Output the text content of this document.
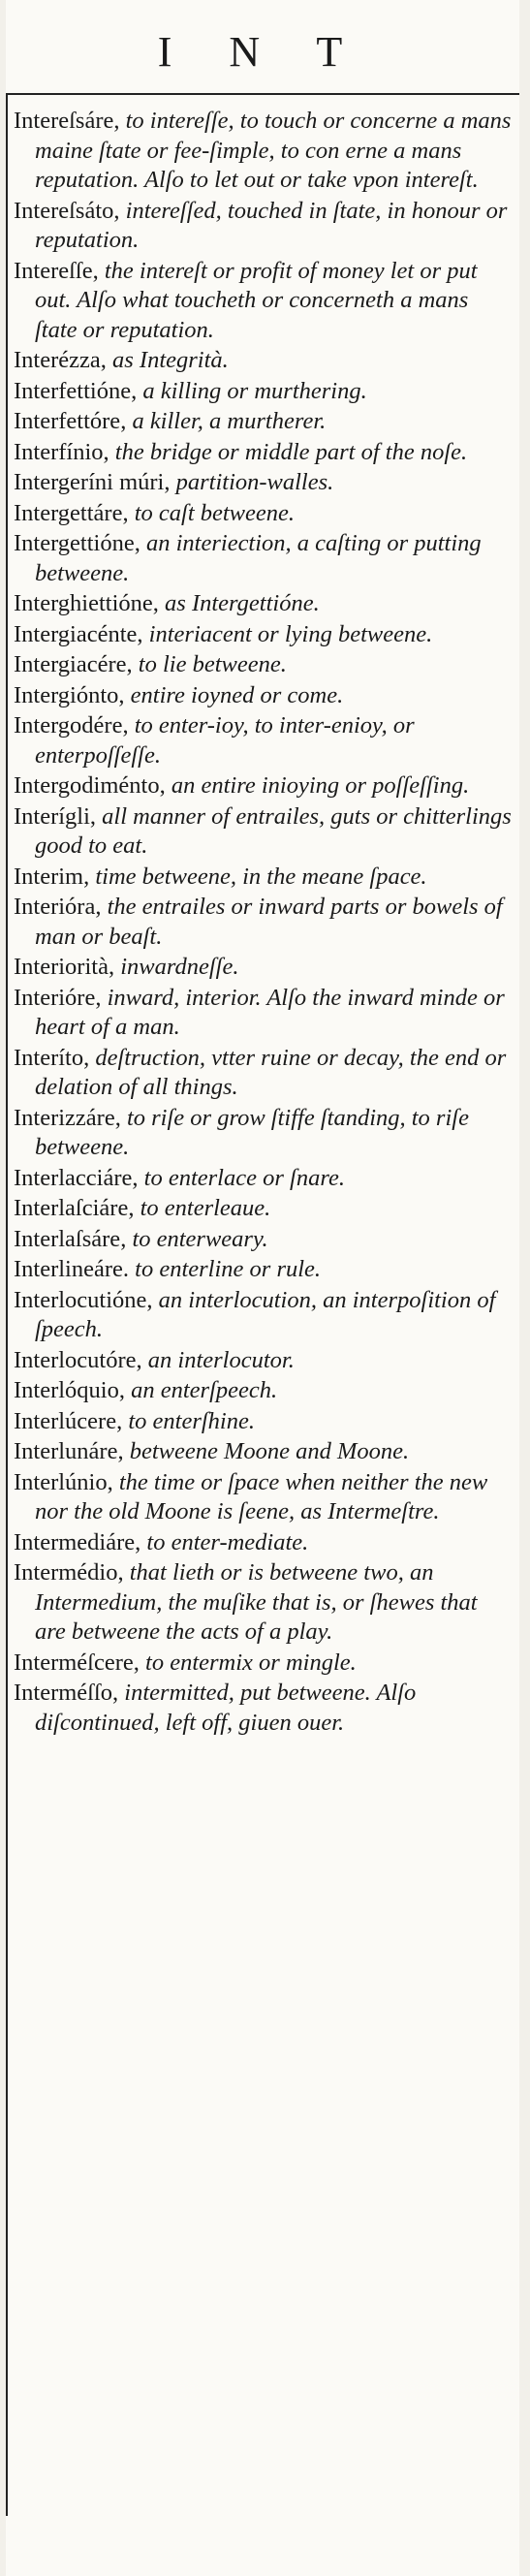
I N T

Intereſsáre, to intereſſe, to touch or concerne a mans maine ſtate or fee-ſimple, to con erne a mans reputation. Alſo to let out or take vpon intereſt.

Intereſsáto, intereſſed, touched in ſtate, in honour or reputation.

Intereſſe, the intereſt or profit of money let or put out. Alſo what toucheth or concerneth a mans ſtate or reputation.

Interézza, as Integrità.

Interfettióne, a killing or murthering.

Interfettóre, a killer, a murtherer.

Interfínio, the bridge or middle part of the noſe.

Intergeríni múri, partition-walles.

Intergettáre, to caſt betweene.

Intergettióne, an interiection, a caſting or putting betweene.

Interghiettióne, as Intergettióne.

Intergiacénte, interiacent or lying betweene.

Intergiacére, to lie betweene.

Intergiónto, entire ioyned or come.

Intergodére, to enter-ioy, to inter-enioy, or enterpoſſeſſe.

Intergodiménto, an entire inioying or poſſeſſing.

Interígli, all manner of entrailes, guts or chitterlings good to eat.

Interim, time betweene, in the meane ſpace.

Interióra, the entrailes or inward parts or bowels of man or beaſt.

Interiorità, inwardneſſe.

Interióre, inward, interior. Alſo the inward minde or heart of a man.

Interíto, deſtruction, vtter ruine or decay, the end or delation of all things.

Interizzáre, to riſe or grow ſtiffe ſtanding, to riſe betweene.

Interlacciáre, to enterlace or ſnare.

Interlaſciáre, to enterleaue.

Interlaſsáre, to enterweary.

Interlineáre. to enterline or rule.

Interlocutióne, an interlocution, an interpoſition of ſpeech.

Interlocutóre, an interlocutor.

Interlóquio, an enterſpeech.

Interlúcere, to enterſhine.

Interlunáre, betweene Moone and Moone.

Interlúnio, the time or ſpace when neither the new nor the old Moone is ſeene, as Intermeſtre.

Intermediáre, to enter-mediate.

Intermédio, that lieth or is betweene two, an Intermedium, the muſike that is, or ſhewes that are betweene the acts of a play.

Interméſcere, to entermix or mingle.

Interméſſo, intermitted, put betweene. Alſo diſcontinued, left off, giuen ouer.
